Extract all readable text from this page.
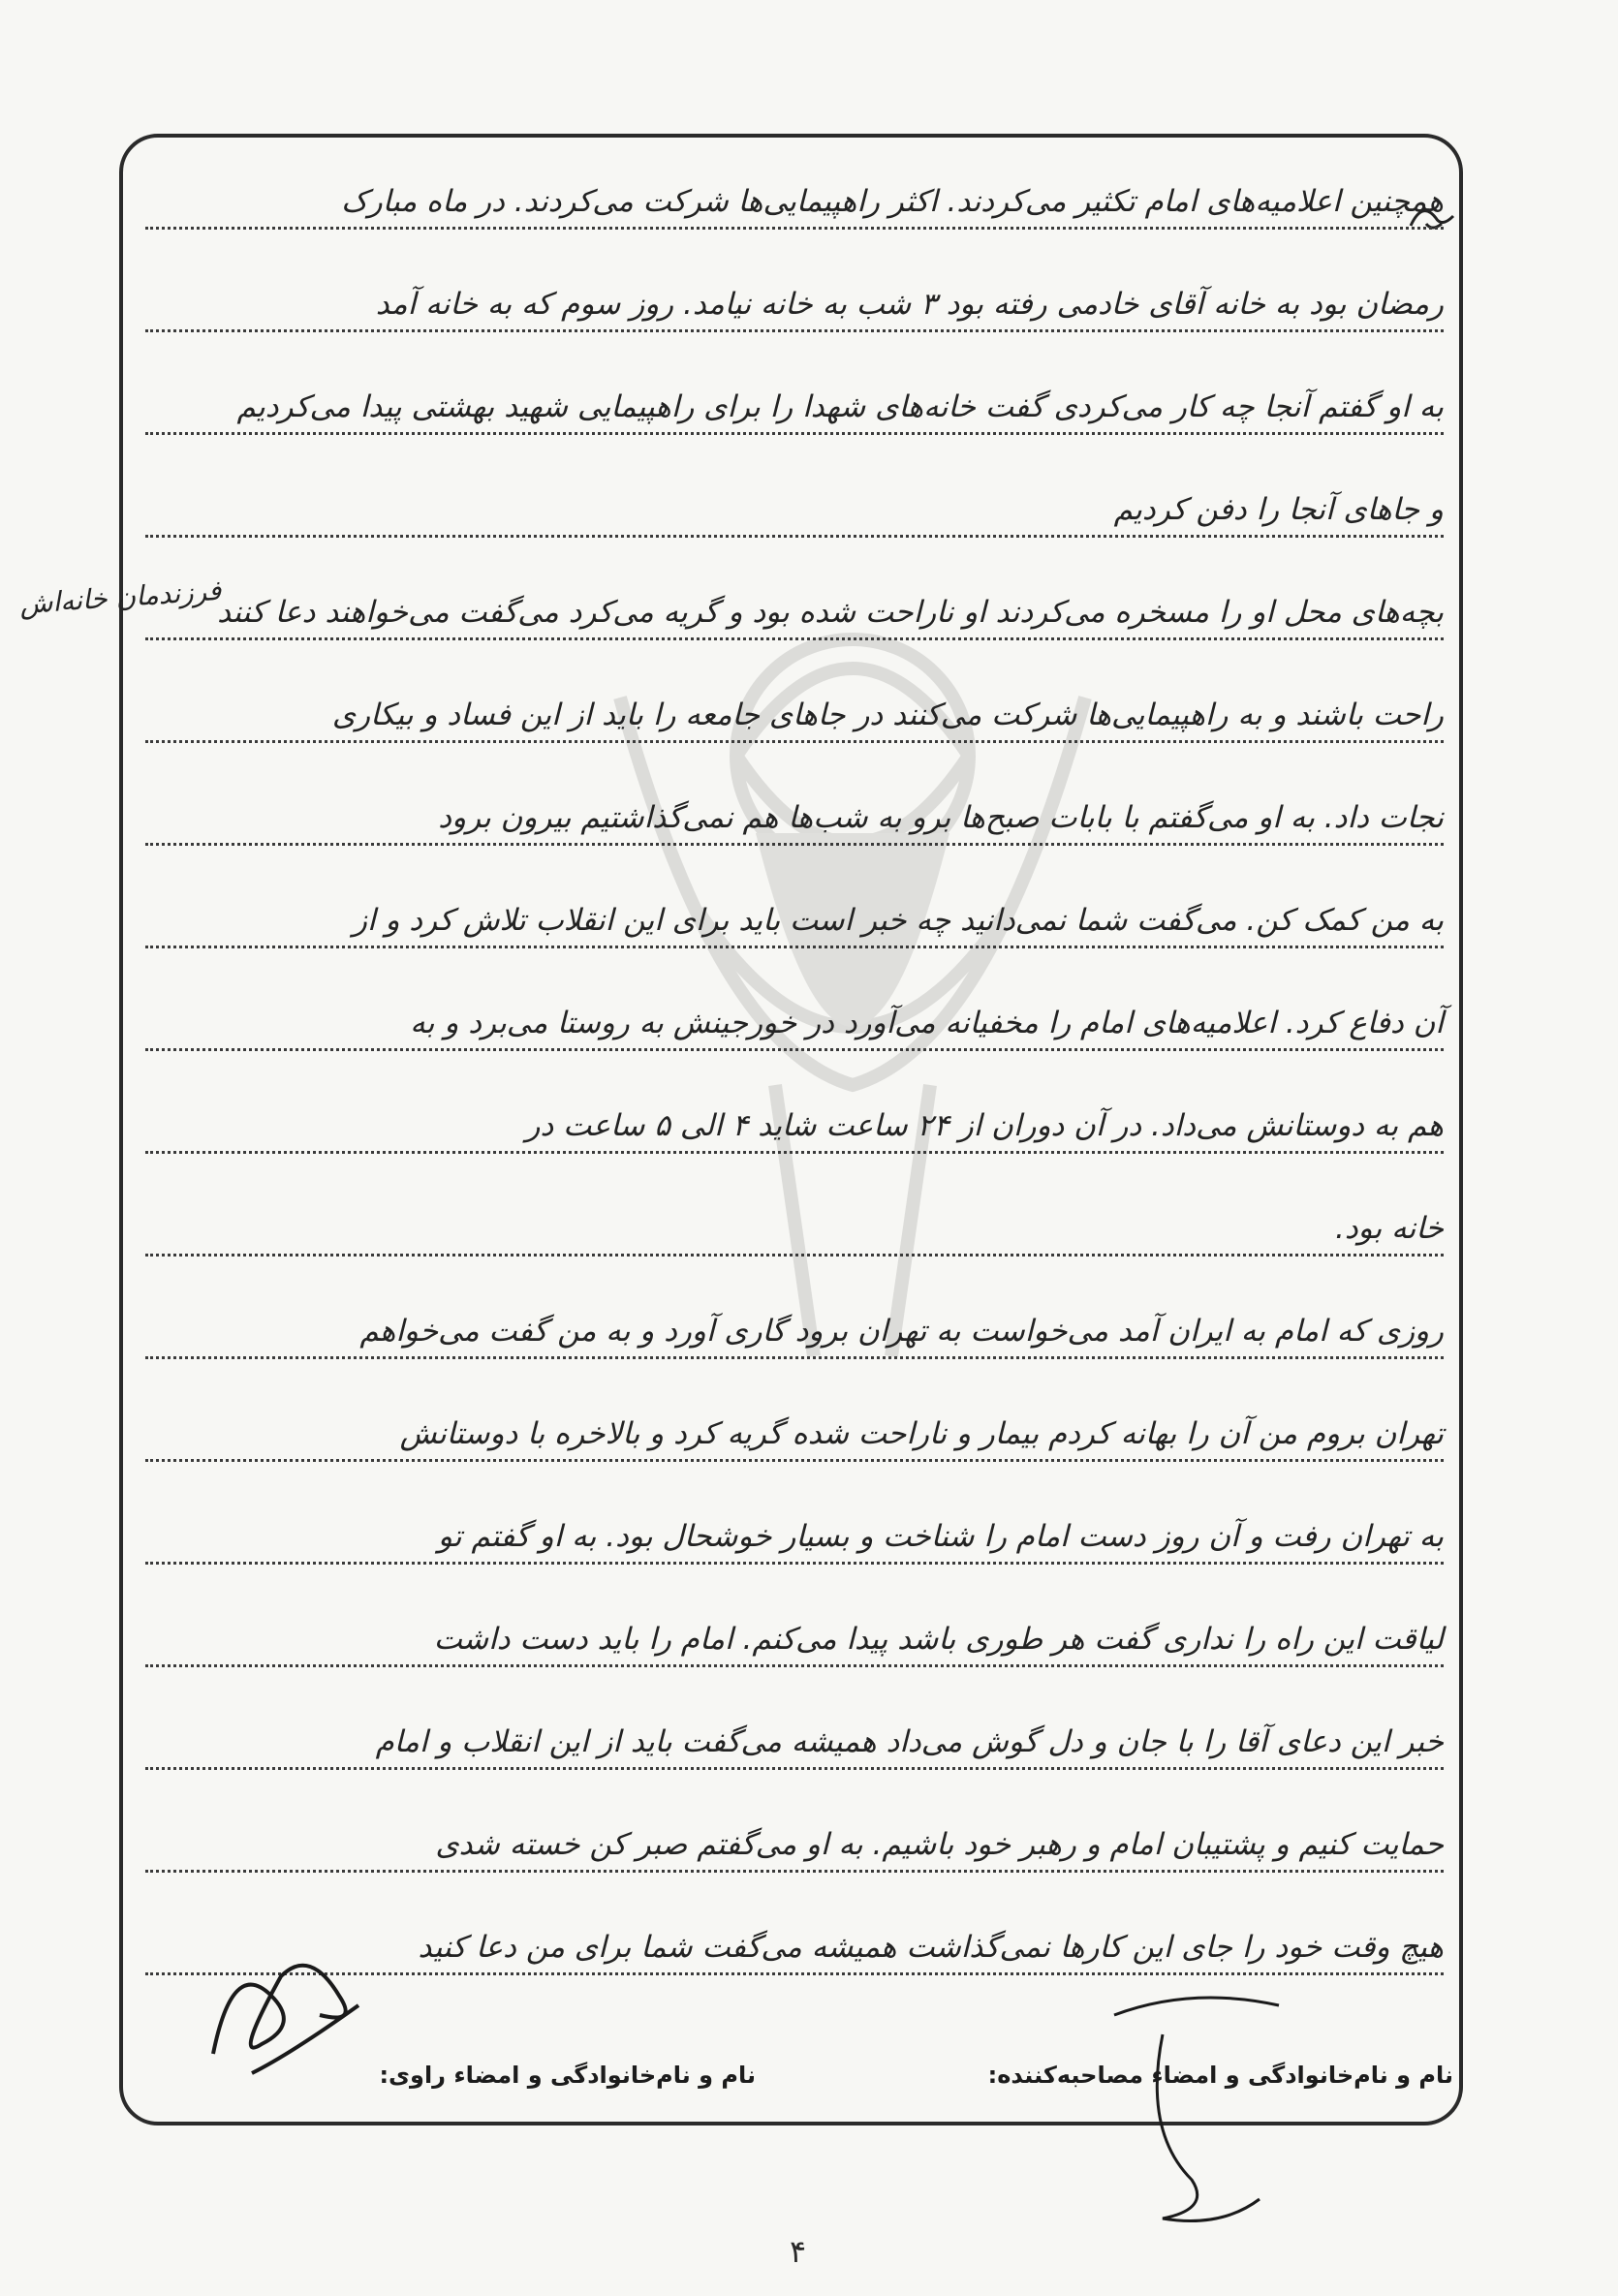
همچنین اعلامیه‌های امام تکثیر می‌کردند. اکثر راهپیمایی‌ها شرکت می‌کردند. در ماه مبارک
رمضان بود به خانه آقای خادمی رفته بود ۳ شب به خانه نیامد. روز سوم که به خانه آمد
به او گفتم آنجا چه کار می‌کردی گفت خانه‌های شهدا را برای راهپیمایی شهید بهشتی پیدا می‌کردیم
و جاهای آنجا را دفن کردیم
بچه‌های محل او را مسخره می‌کردند او ناراحت شده بود و گریه می‌کرد می‌گفت می‌خواهند دعا کنند
راحت باشند و به راهپیمایی‌ها شرکت می‌کنند در جاهای جامعه را باید از این فساد و بیکاری
نجات داد. به او می‌گفتم با بابات صبح‌ها برو به شب‌ها هم نمی‌گذاشتیم بیرون برود
به من کمک کن. می‌گفت شما نمی‌دانید چه خبر است باید برای این انقلاب تلاش کرد و از
آن دفاع کرد. اعلامیه‌های امام را مخفیانه می‌آورد در خورجینش به روستا می‌برد و به
هم به دوستانش می‌داد. در آن دوران از ۲۴ ساعت شاید ۴ الی ۵ ساعت در
خانه بود.
روزی که امام به ایران آمد می‌خواست به تهران برود گاری آورد و به من گفت می‌خواهم
تهران بروم من آن را بهانه کردم بیمار و ناراحت شده گریه کرد و بالاخره با دوستانش
به تهران رفت و آن روز دست امام را شناخت و بسیار خوشحال بود. به او گفتم تو
لیاقت این راه را نداری گفت هر طوری باشد پیدا می‌کنم. امام را باید دست داشت
خبر این دعای آقا را با جان و دل گوش می‌داد همیشه می‌گفت باید از این انقلاب و امام
حمایت کنیم و پشتیبان امام و رهبر خود باشیم. به او می‌گفتم صبر کن خسته شدی
هیچ وقت خود را جای این کارها نمی‌گذاشت همیشه می‌گفت شما برای من دعا کنید
فرزندمان خانه‌اش
نام و نام‌خانوادگی و امضاء مصاحبه‌کننده:
نام و نام‌خانوادگی و امضاء راوی:
۴
